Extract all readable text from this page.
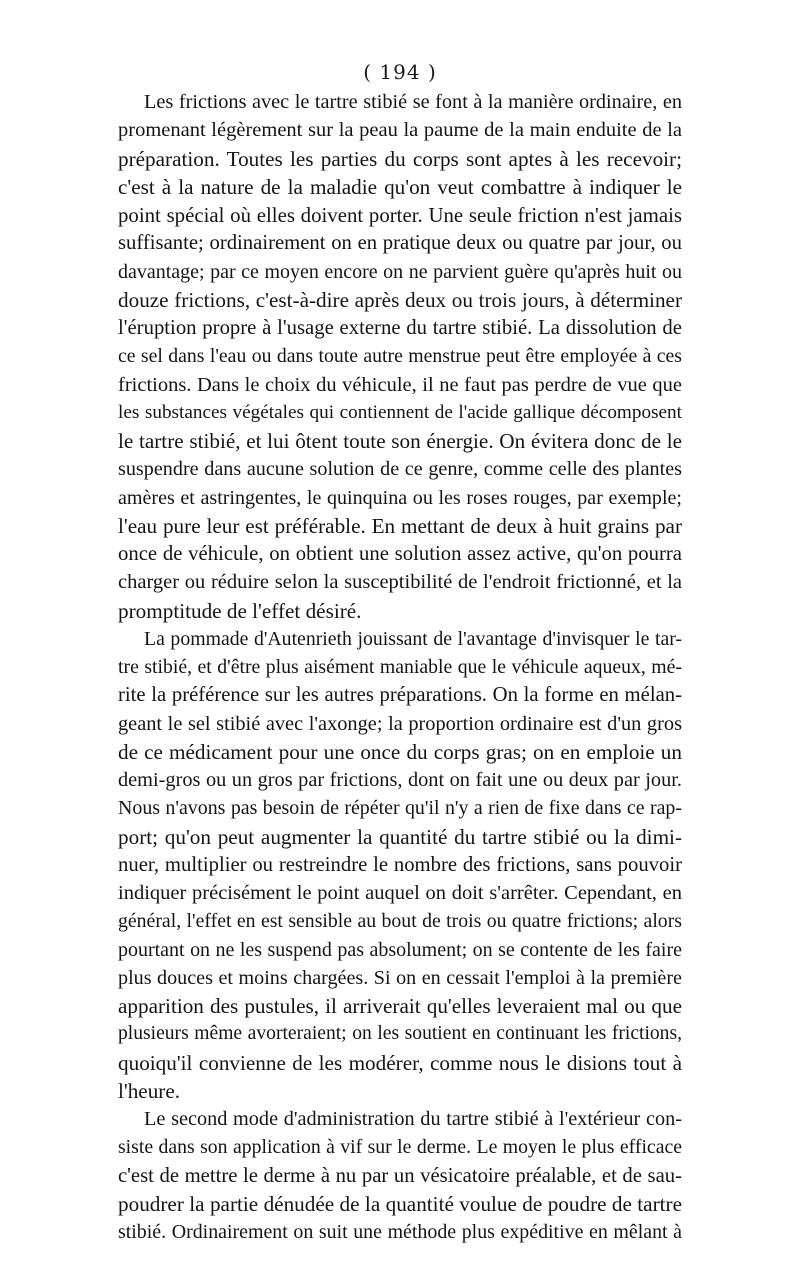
( 194 )

Les frictions avec le tartre stibié se font à la manière ordinaire, en
promenant légèrement sur la peau la paume de la main enduite de la
préparation. Toutes les parties du corps sont aptes à les recevoir;
c'est à la nature de la maladie qu'on veut combattre à indiquer le
point spécial où elles doivent porter. Une seule friction n'est jamais
suffisante; ordinairement on en pratique deux ou quatre par jour, ou
davantage; par ce moyen encore on ne parvient guère qu'après huit ou
douze frictions, c'est-à-dire après deux ou trois jours, à déterminer
l'éruption propre à l'usage externe du tartre stibié. La dissolution de
ce sel dans l'eau ou dans toute autre menstrue peut être employée à ces
frictions. Dans le choix du véhicule, il ne faut pas perdre de vue que
les substances végétales qui contiennent de l'acide gallique décomposent
le tartre stibié, et lui ôtent toute son énergie. On évitera donc de le
suspendre dans aucune solution de ce genre, comme celle des plantes
amères et astringentes, le quinquina ou les roses rouges, par exemple;
l'eau pure leur est préférable. En mettant de deux à huit grains par
once de véhicule, on obtient une solution assez active, qu'on pourra
charger ou réduire selon la susceptibilité de l'endroit frictionné, et la
promptitude de l'effet désiré.

La pommade d'Autenrieth jouissant de l'avantage d'invisquer le tar-
tre stibié, et d'être plus aisément maniable que le véhicule aqueux, mé-
rite la préférence sur les autres préparations. On la forme en mélan-
geant le sel stibié avec l'axonge; la proportion ordinaire est d'un gros
de ce médicament pour une once du corps gras; on en emploie un
demi-gros ou un gros par frictions, dont on fait une ou deux par jour.
Nous n'avons pas besoin de répéter qu'il n'y a rien de fixe dans ce rap-
port; qu'on peut augmenter la quantité du tartre stibié ou la dimi-
nuer, multiplier ou restreindre le nombre des frictions, sans pouvoir
indiquer précisément le point auquel on doit s'arrêter. Cependant, en
général, l'effet en est sensible au bout de trois ou quatre frictions; alors
pourtant on ne les suspend pas absolument; on se contente de les faire
plus douces et moins chargées. Si on en cessait l'emploi à la première
apparition des pustules, il arriverait qu'elles leveraient mal ou que
plusieurs même avorteraient; on les soutient en continuant les frictions,
quoiqu'il convienne de les modérer, comme nous le disions tout à
l'heure.

Le second mode d'administration du tartre stibié à l'extérieur con-
siste dans son application à vif sur le derme. Le moyen le plus efficace
c'est de mettre le derme à nu par un vésicatoire préalable, et de sau-
poudrer la partie dénudée de la quantité voulue de poudre de tartre
stibié. Ordinairement on suit une méthode plus expéditive en mêlant à
